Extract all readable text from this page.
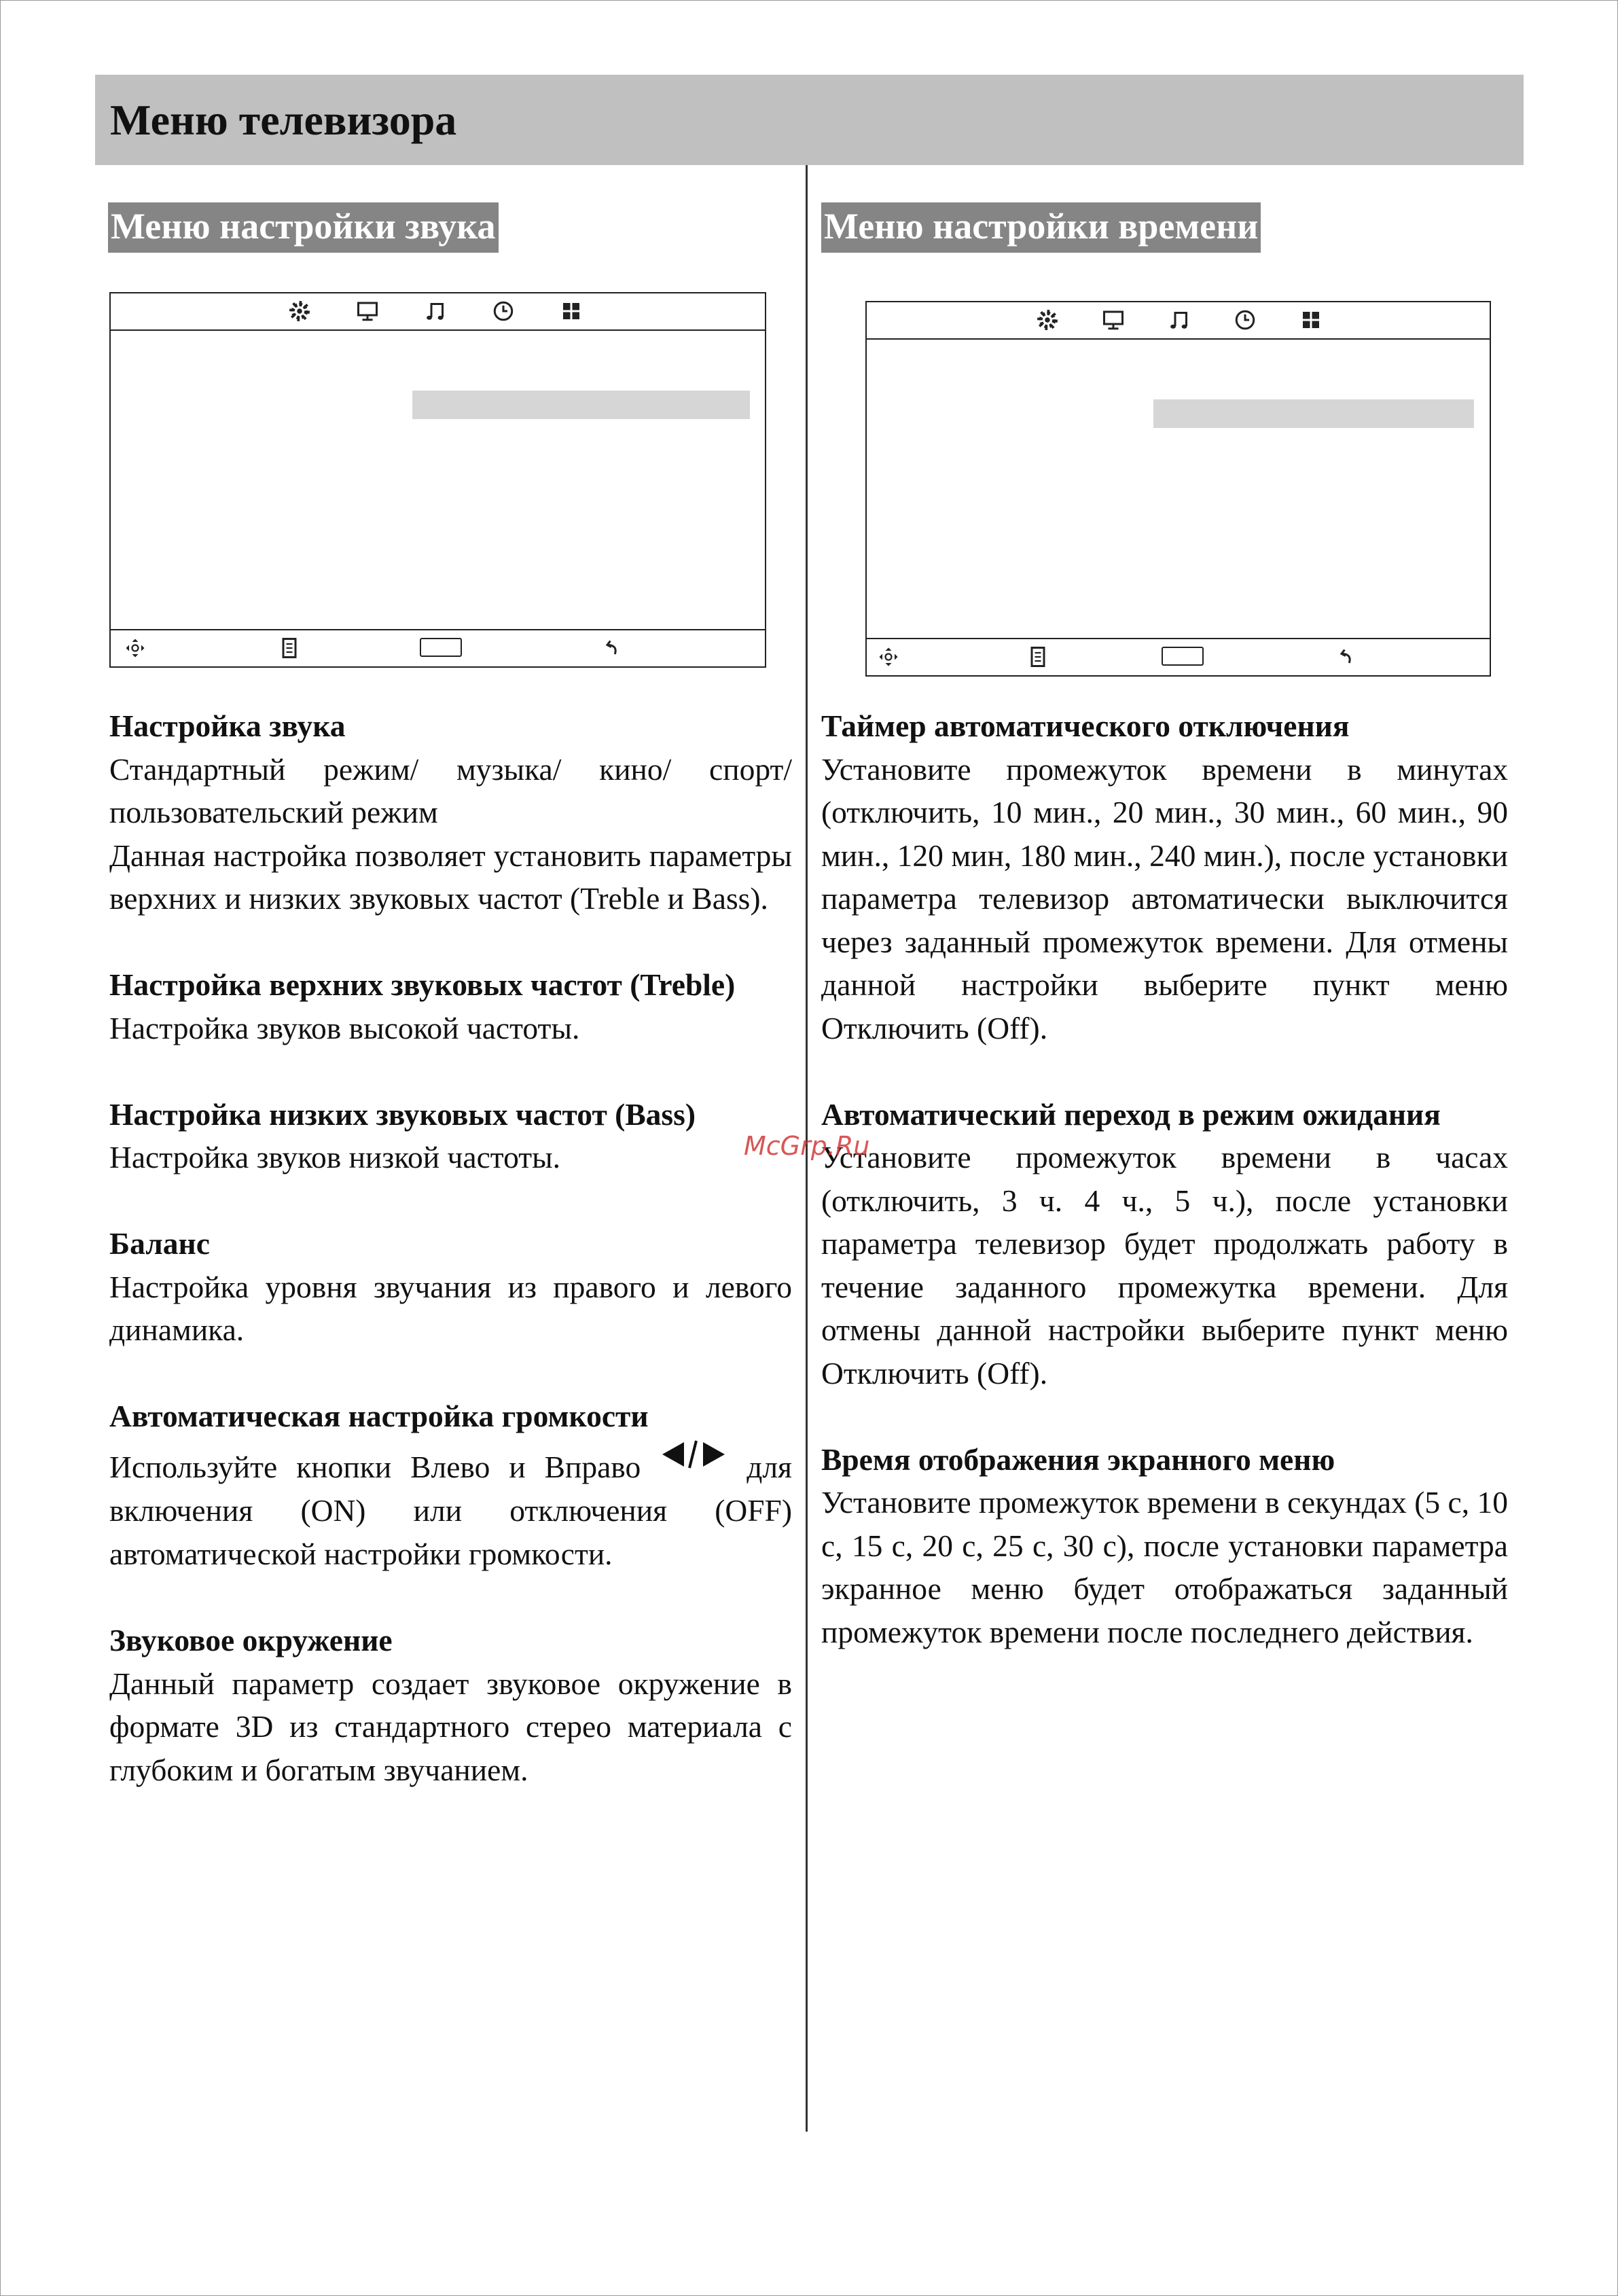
Меню телевизора
Меню настройки звука	Меню настройки времени

Настройка звука

Стандартный режим/ музыка/ кино/ спорт/ пользовательский режим

Данная настройка позволяет установить параметры верхних и низких звуковых частот (Treble и Bass).

Настройка верхних звуковых частот (Treble)

Настройка звуков высокой частоты.

Настройка низких звуковых частот (Bass)

Настройка звуков низкой частоты.

Баланс

Настройка уровня звучания из правого и левого динамика.

Автоматическая настройка громкости

Используйте кнопки Влево и Вправо	для включения (ON) или отключения (OFF) автоматической настройки громкости.

Звуковое окружение

Данный параметр создает звуковое окружение в формате 3D из стандартного стерео материала с глубоким и богатым звучанием.

Таймер автоматического отключения

Установите промежуток времени в минутах (отключить, 10 мин., 20 мин., 30 мин., 60 мин., 90 мин., 120 мин, 180 мин., 240 мин.), после установки параметра телевизор автоматически выключится через заданный промежуток времени. Для отмены данной настройки выберите пункт меню Отключить (Off).

Автоматический переход в режим ожидания

Установите промежуток времени в часах (отключить, 3 ч. 4 ч., 5 ч.), после установки параметра телевизор будет продолжать работу в течение заданного промежутка времени. Для отмены данной настройки выберите пункт меню Отключить (Off).

Время отображения экранного меню

Установите промежуток времени в секундах (5 с, 10 с, 15 с, 20 с, 25 с, 30 с), после установки параметра экранное меню будет отображаться заданный промежуток времени после последнего действия.

McGrp.Ru
